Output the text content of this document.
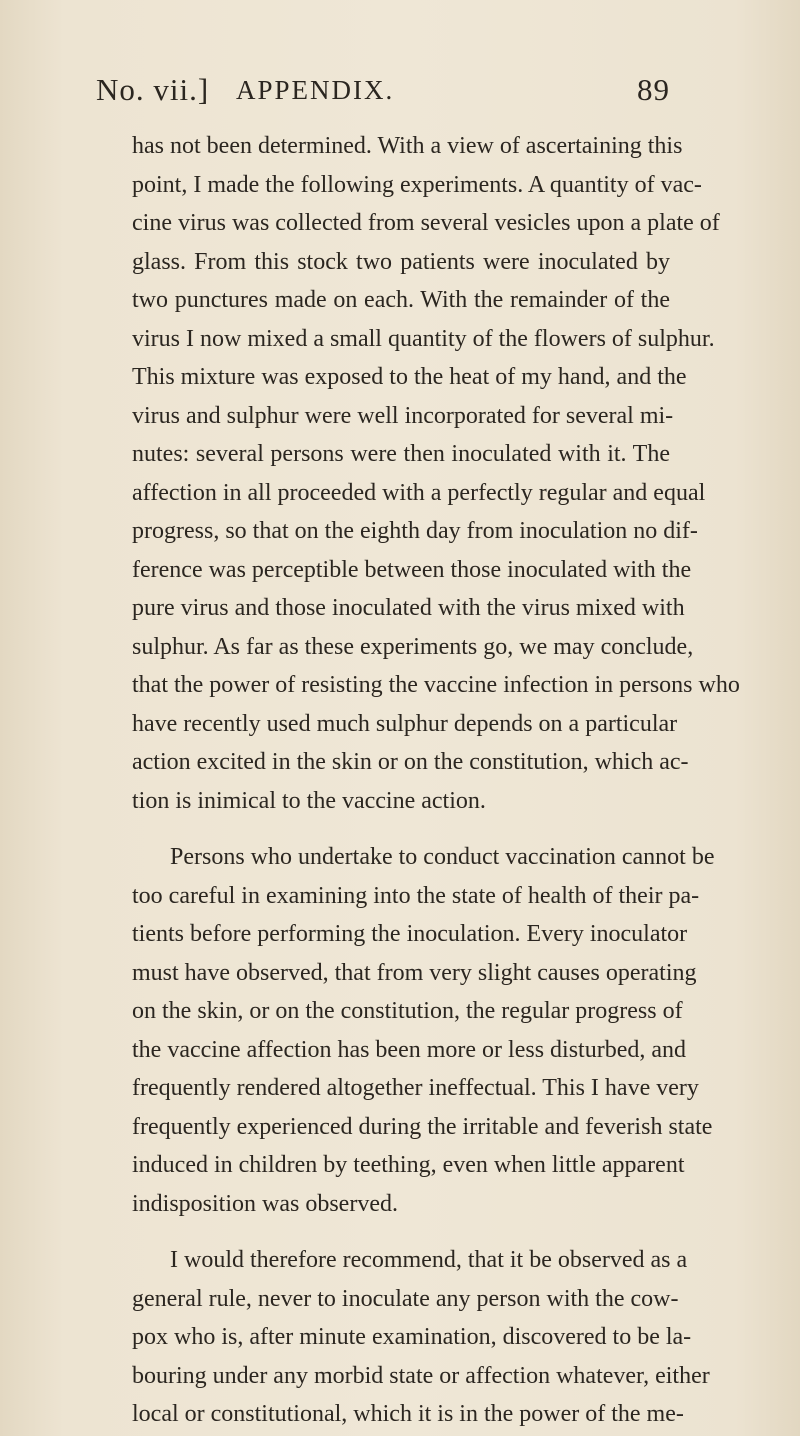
No. vii.] APPENDIX.	89
has not been determined. With a view of ascertaining this
point, I made the following experiments. A quantity of vac-
cine virus was collected from several vesicles upon a plate of
glass. From this stock two patients were inoculated by
two punctures made on each. With the remainder of the
virus I now mixed a small quantity of the flowers of sulphur.
This mixture was exposed to the heat of my hand, and the
virus and sulphur were well incorporated for several mi-
nutes: several persons were then inoculated with it. The
affection in all proceeded with a perfectly regular and equal
progress, so that on the eighth day from inoculation no dif-
ference was perceptible between those inoculated with the
pure virus and those inoculated with the virus mixed with
sulphur. As far as these experiments go, we may conclude,
that the power of resisting the vaccine infection in persons who
have recently used much sulphur depends on a particular
action excited in the skin or on the constitution, which ac-
tion is inimical to the vaccine action.
Persons who undertake to conduct vaccination cannot be
too careful in examining into the state of health of their pa-
tients before performing the inoculation. Every inoculator
must have observed, that from very slight causes operating
on the skin, or on the constitution, the regular progress of
the vaccine affection has been more or less disturbed, and
frequently rendered altogether ineffectual. This I have very
frequently experienced during the irritable and feverish state
induced in children by teething, even when little apparent
indisposition was observed.
I would therefore recommend, that it be observed as a
general rule, never to inoculate any person with the cow-
pox who is, after minute examination, discovered to be la-
bouring under any morbid state or affection whatever, either
local or constitutional, which it is in the power of the me-
